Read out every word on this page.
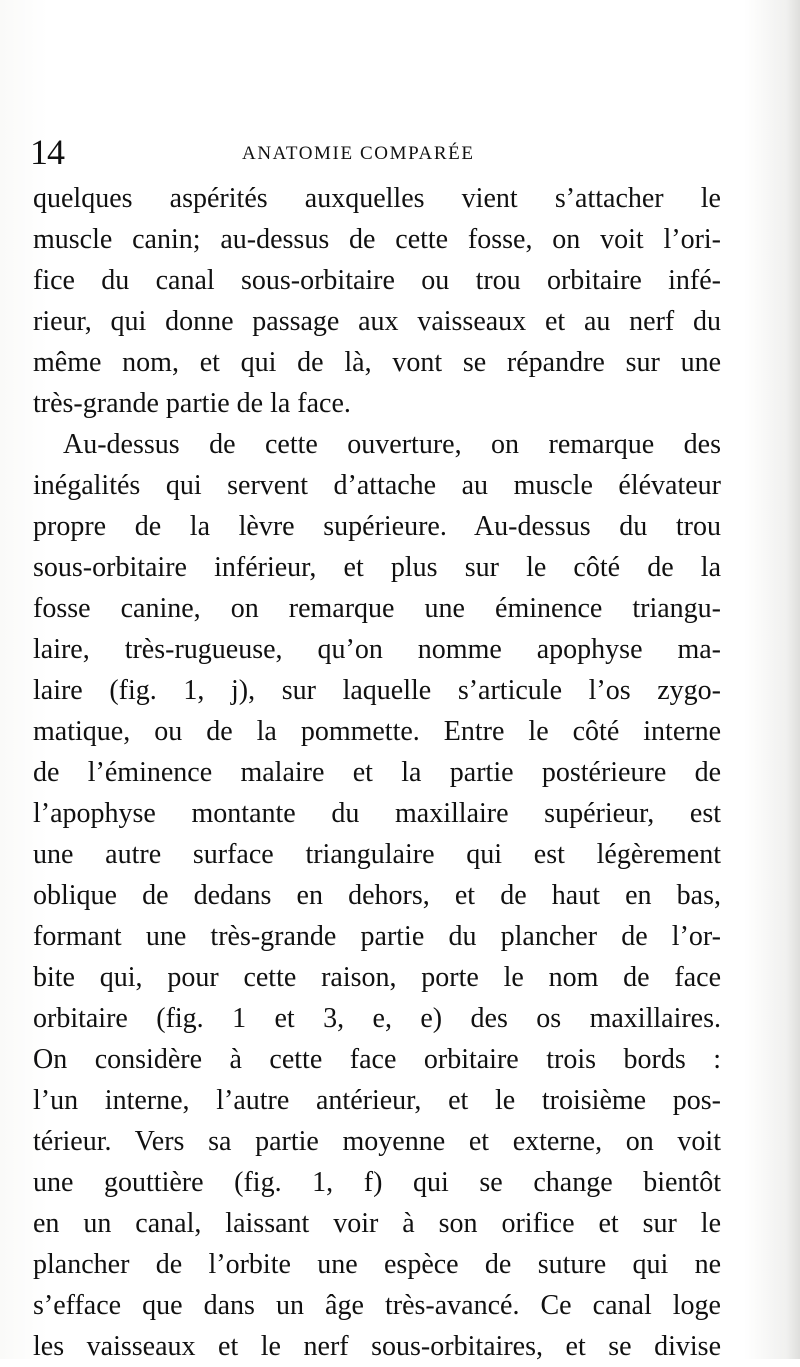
14	ANATOMIE COMPARÉE
quelques aspérités auxquelles vient s’attacher le
muscle canin; au-dessus de cette fosse, on voit l’ori-
fice du canal sous-orbitaire ou trou orbitaire infé-
rieur, qui donne passage aux vaisseaux et au nerf du
même nom, et qui de là, vont se répandre sur une
très-grande partie de la face.
Au-dessus de cette ouverture, on remarque des
inégalités qui servent d’attache au muscle élévateur
propre de la lèvre supérieure. Au-dessus du trou
sous-orbitaire inférieur, et plus sur le côté de la
fosse canine, on remarque une éminence triangu-
laire, très-rugueuse, qu’on nomme apophyse ma-
laire (fig. 1, j), sur laquelle s’articule l’os zygo-
matique, ou de la pommette. Entre le côté interne
de l’éminence malaire et la partie postérieure de
l’apophyse montante du maxillaire supérieur, est
une autre surface triangulaire qui est légèrement
oblique de dedans en dehors, et de haut en bas,
formant une très-grande partie du plancher de l’or-
bite qui, pour cette raison, porte le nom de face
orbitaire (fig. 1 et 3, e, e) des os maxillaires.
On considère à cette face orbitaire trois bords :
l’un interne, l’autre antérieur, et le troisième pos-
térieur. Vers sa partie moyenne et externe, on voit
une gouttière (fig. 1, f) qui se change bientôt
en un canal, laissant voir à son orifice et sur le
plancher de l’orbite une espèce de suture qui ne
s’efface que dans un âge très-avancé. Ce canal loge
les vaisseaux et le nerf sous-orbitaires, et se divise
